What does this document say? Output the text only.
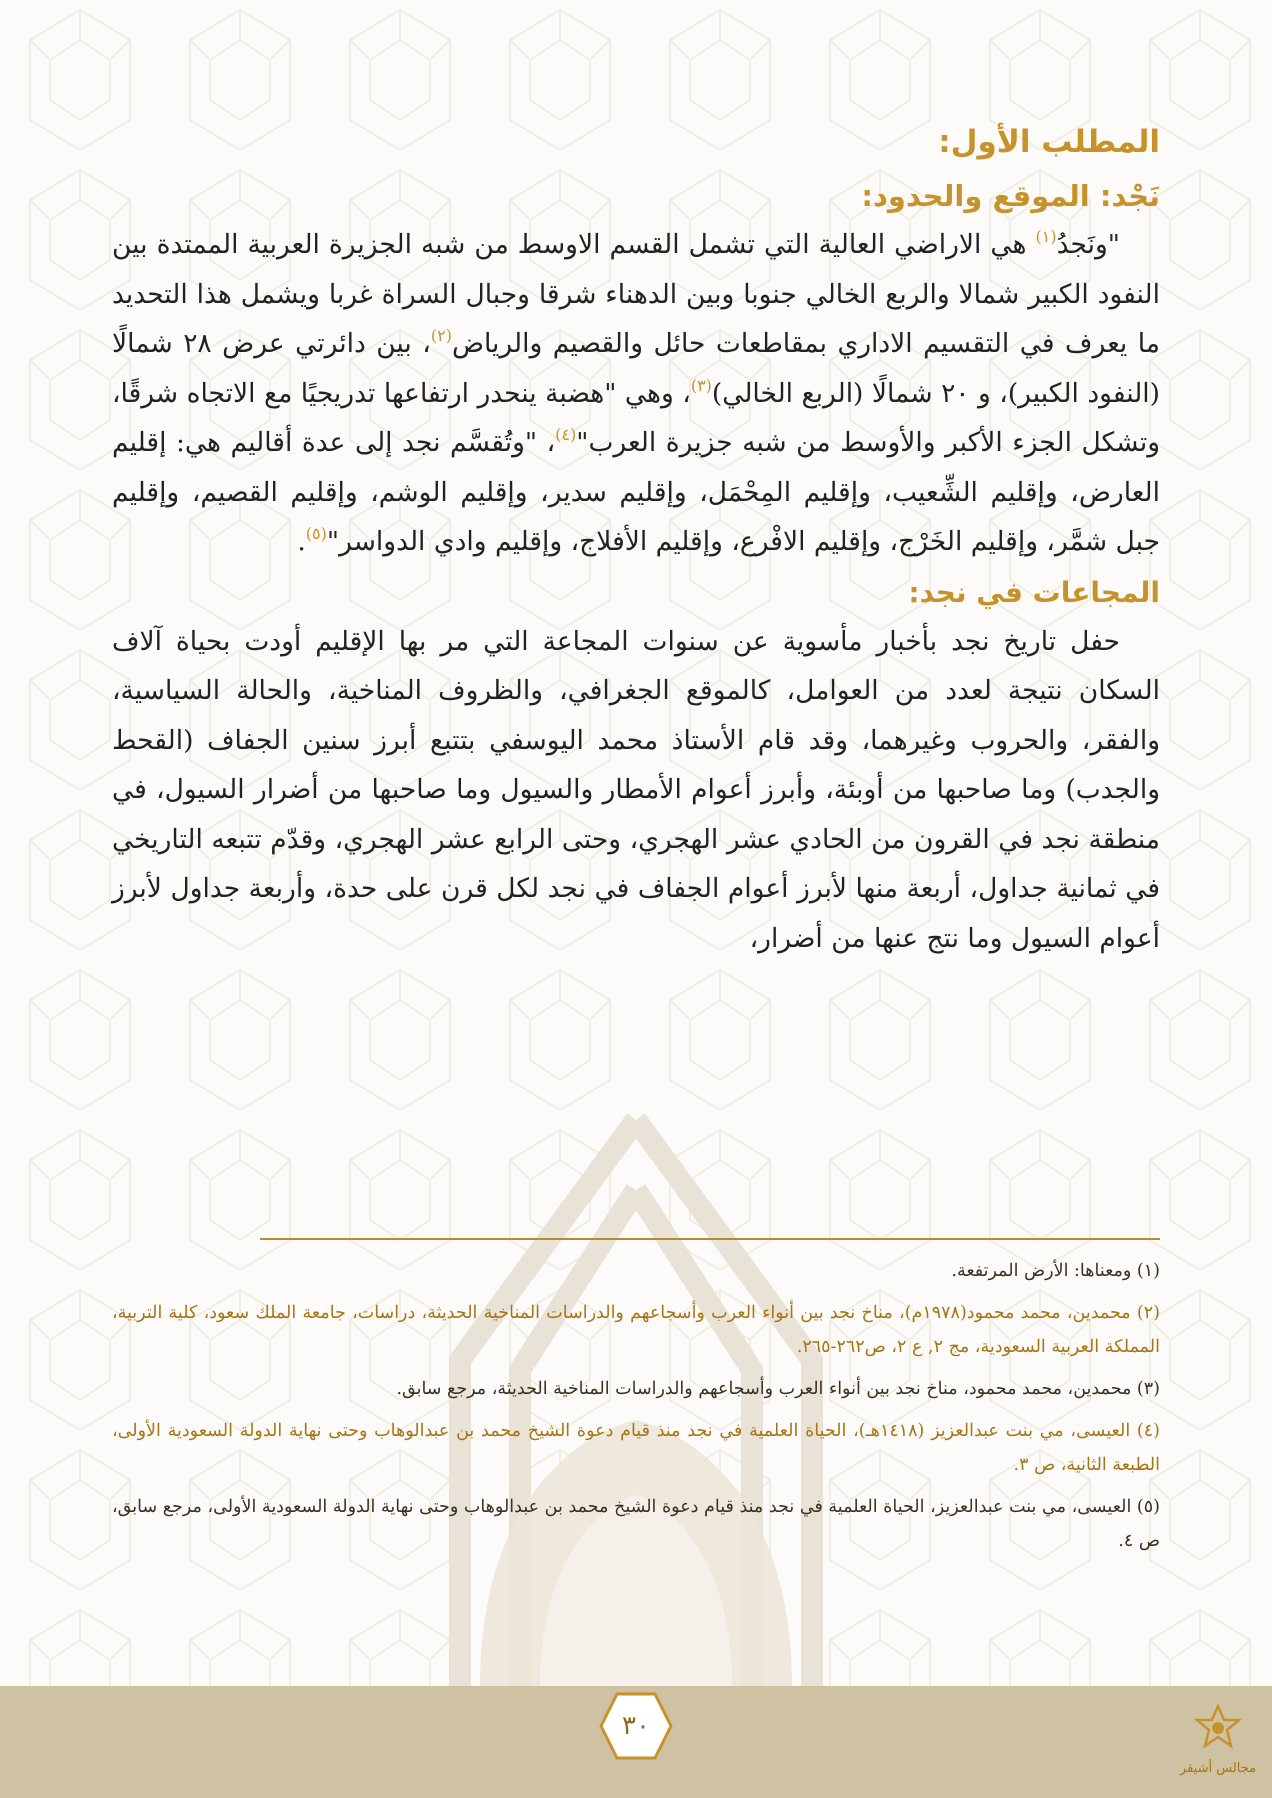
المطلب الأول:
نَجْد: الموقع والحدود:

"ونَجدُ$^{(١)}$ هي الاراضي العالية التي تشمل القسم الاوسط من شبه الجزيرة العربية الممتدة بين النفود الكبير شمالا والربع الخالي جنوبا وبين الدهناء شرقا وجبال السراة غربا ويشمل هذا التحديد ما يعرف في التقسيم الاداري بمقاطعات حائل والقصيم والرياض$^{(٢)}$، بين دائرتي عرض ٢٨ شمالًا (النفود الكبير)، و ٢٠ شمالًا (الربع الخالي)$^{(٣)}$، وهي "هضبة ينحدر ارتفاعها تدريجيًا مع الاتجاه شرقًا، وتشكل الجزء الأكبر والأوسط من شبه جزيرة العرب"$^{(٤)}$، "وتُقسَّم نجد إلى عدة أقاليم هي: إقليم العارض، وإقليم الشِّعيب، وإقليم المِحْمَل، وإقليم سدير، وإقليم الوشم، وإقليم القصيم، وإقليم جبل شمَّر، وإقليم الخَرْج، وإقليم الافْرع، وإقليم الأفلاج، وإقليم وادي الدواسر"$^{(٥)}$.

المجاعات في نجد:

حفل تاريخ نجد بأخبار مأسوية عن سنوات المجاعة التي مر بها الإقليم أودت بحياة آلاف السكان نتيجة لعدد من العوامل، كالموقع الجغرافي، والظروف المناخية، والحالة السياسية، والفقر، والحروب وغيرهما، وقد قام الأستاذ محمد اليوسفي بتتبع أبرز سنين الجفاف (القحط والجدب) وما صاحبها من أوبئة، وأبرز أعوام الأمطار والسيول وما صاحبها من أضرار السيول، في منطقة نجد في القرون من الحادي عشر الهجري، وحتى الرابع عشر الهجري، وقدّم تتبعه التاريخي في ثمانية جداول، أربعة منها لأبرز أعوام الجفاف في نجد لكل قرن على حدة، وأربعة جداول لأبرز أعوام السيول وما نتج عنها من أضرار،

(١) ومعناها: الأرض المرتفعة.
(٢) محمدين، محمد محمود(١٩٧٨م)، مناخ نجد بين أنواء العرب وأسجاعهم والدراسات المناخية الحديثة، دراسات، جامعة الملك سعود، كلية التربية، المملكة العربية السعودية، مج ٢, ع ٢، ص٢٦٢-٢٦٥.
(٣) محمدين، محمد محمود، مناخ نجد بين أنواء العرب وأسجاعهم والدراسات المناخية الحديثة، مرجع سابق.
(٤) العيسى، مي بنت عبدالعزيز (١٤١٨هـ)، الحياة العلمية في نجد منذ قيام دعوة الشيخ محمد بن عبدالوهاب وحتى نهاية الدولة السعودية الأولى، الطبعة الثانية، ص ٣.
(٥) العيسى، مي بنت عبدالعزيز، الحياة العلمية في نجد منذ قيام دعوة الشيخ محمد بن عبدالوهاب وحتى نهاية الدولة السعودية الأولى، مرجع سابق، ص ٤.
٣٠
مجالس أشيقر
